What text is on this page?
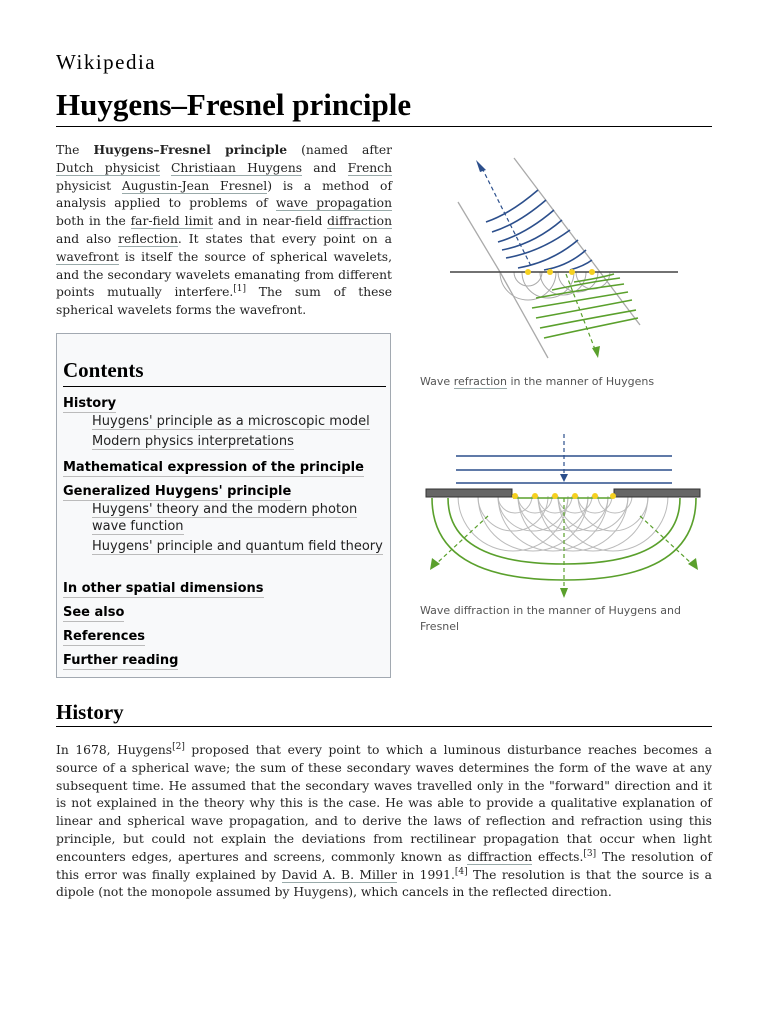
Wikipedia
Huygens–Fresnel principle
The Huygens–Fresnel principle (named after Dutch physicist Christiaan Huygens and French physicist Augustin-Jean Fresnel) is a method of analysis applied to problems of wave propagation both in the far-field limit and in near-field diffraction and also reflection. It states that every point on a wavefront is itself the source of spherical wavelets, and the secondary wavelets emanating from different points mutually interfere.[1] The sum of these spherical wavelets forms the wavefront.
Contents
History
Huygens' principle as a microscopic model
Modern physics interpretations
Mathematical expression of the principle
Generalized Huygens' principle
Huygens' theory and the modern photon wave function
Huygens' principle and quantum field theory
In other spatial dimensions
See also
References
Further reading
Wave refraction in the manner of Huygens
Wave diffraction in the manner of Huygens and Fresnel
History
In 1678, Huygens[2] proposed that every point to which a luminous disturbance reaches becomes a source of a spherical wave; the sum of these secondary waves determines the form of the wave at any subsequent time. He assumed that the secondary waves travelled only in the "forward" direction and it is not explained in the theory why this is the case. He was able to provide a qualitative explanation of linear and spherical wave propagation, and to derive the laws of reflection and refraction using this principle, but could not explain the deviations from rectilinear propagation that occur when light encounters edges, apertures and screens, commonly known as diffraction effects.[3] The resolution of this error was finally explained by David A. B. Miller in 1991.[4] The resolution is that the source is a dipole (not the monopole assumed by Huygens), which cancels in the reflected direction.
